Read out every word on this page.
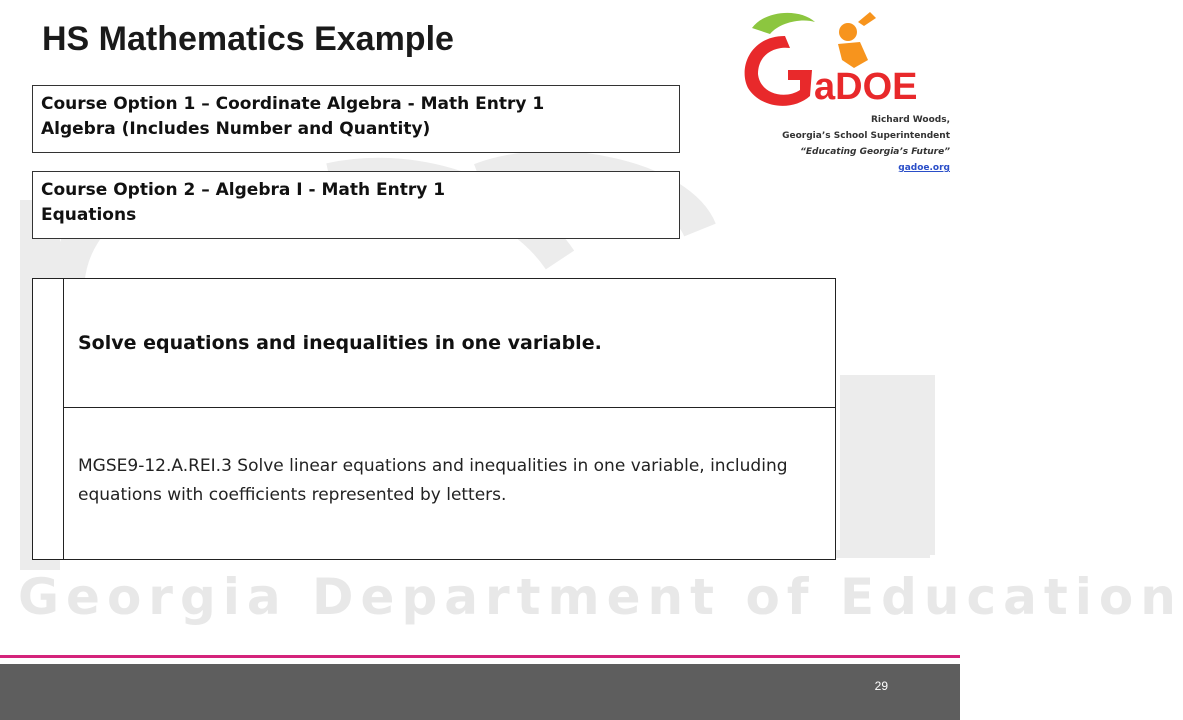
Georgia Department of Education
HS Mathematics Example
Course Option 1 – Coordinate Algebra - Math Entry 1
Algebra (Includes Number and Quantity)
Course Option 2 – Algebra I - Math Entry 1
Equations
aDOE
Richard Woods,
Georgia’s School Superintendent
“Educating Georgia’s Future”
gadoe.org
Solve equations and inequalities in one variable.
MGSE9-12.A.REI.3 Solve linear equations and inequalities in one variable, including equations with coefficients represented by letters.
29
